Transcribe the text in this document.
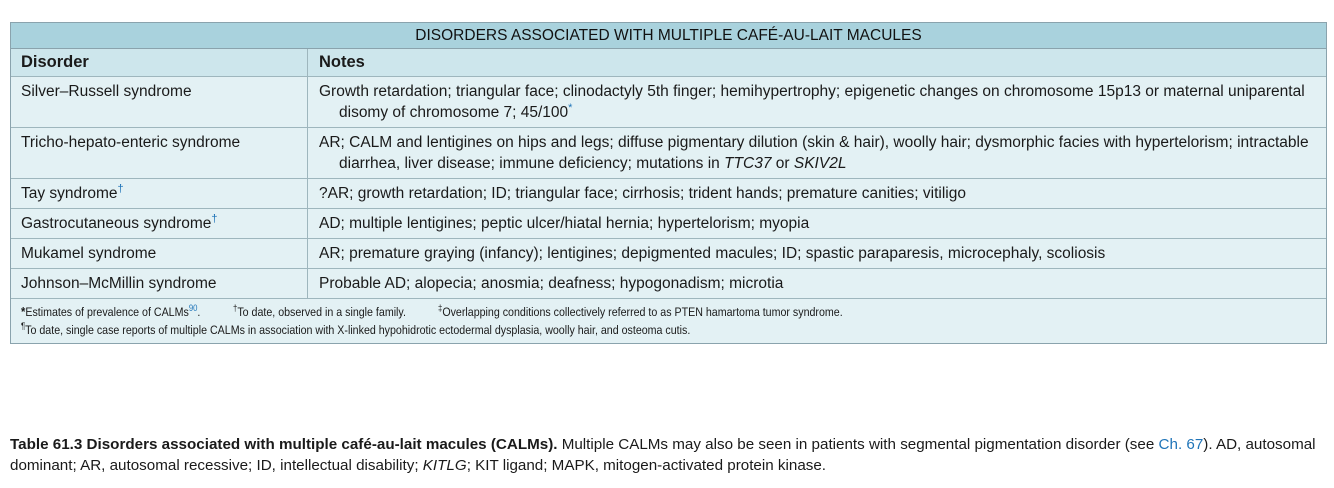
DISORDERS ASSOCIATED WITH MULTIPLE CAFÉ-AU-LAIT MACULES
Disorder	Notes
Silver–Russell syndrome	Growth retardation; triangular face; clinodactyly 5th finger; hemihypertrophy; epigenetic changes on chromosome 15p13 or maternal uniparental disomy of chromosome 7; 45/100*
Tricho-hepato-enteric syndrome	AR; CALM and lentigines on hips and legs; diffuse pigmentary dilution (skin & hair), woolly hair; dysmorphic facies with hypertelorism; intractable diarrhea, liver disease; immune deficiency; mutations in TTC37 or SKIV2L
Tay syndrome†	?AR; growth retardation; ID; triangular face; cirrhosis; trident hands; premature canities; vitiligo
Gastrocutaneous syndrome†	AD; multiple lentigines; peptic ulcer/hiatal hernia; hypertelorism; myopia
Mukamel syndrome	AR; premature graying (infancy); lentigines; depigmented macules; ID; spastic paraparesis, microcephaly, scoliosis
Johnson–McMillin syndrome	Probable AD; alopecia; anosmia; deafness; hypogonadism; microtia
*Estimates of prevalence of CALMs$^{90}$.	†To date, observed in a single family.	‡Overlapping conditions collectively referred to as PTEN hamartoma tumor syndrome. ¶To date, single case reports of multiple CALMs in association with X-linked hypohidrotic ectodermal dysplasia, woolly hair, and osteoma cutis.
Table 61.3 Disorders associated with multiple café-au-lait macules (CALMs). Multiple CALMs may also be seen in patients with segmental pigmentation disorder (see Ch. 67). AD, autosomal dominant; AR, autosomal recessive; ID, intellectual disability; KITLG; KIT ligand; MAPK, mitogen-activated protein kinase.
